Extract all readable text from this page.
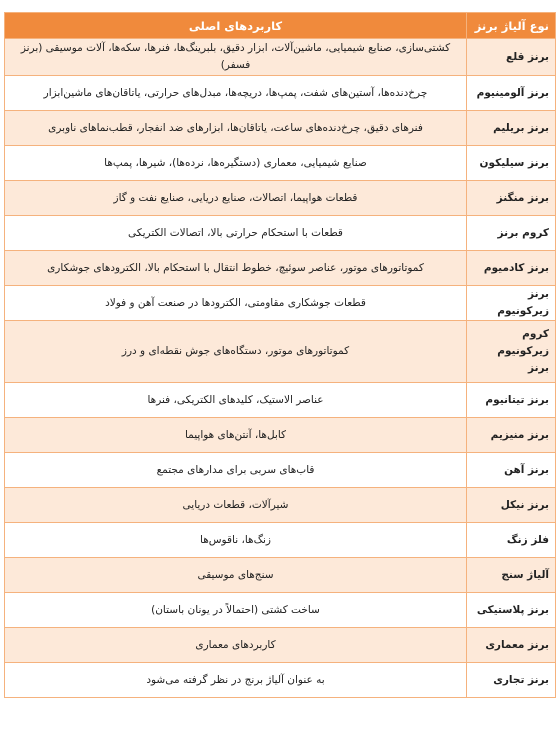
نوع آلیاژ برنز	کاربردهای اصلی
برنز قلع	کشتی‌سازی، صنایع شیمیایی، ماشین‌آلات، ابزار دقیق، بلبرینگ‌ها، فنرها، سکه‌ها، آلات موسیقی (برنز فسفر)
برنز آلومینیوم	چرخ‌دنده‌ها، آستین‌های شفت، پمپ‌ها، دریچه‌ها، مبدل‌های حرارتی، یاتاقان‌های ماشین‌ابزار
برنز بریلیم	فنرهای دقیق، چرخ‌دنده‌های ساعت، یاتاقان‌ها، ابزارهای ضد انفجار، قطب‌نماهای ناوبری
برنز سیلیکون	صنایع شیمیایی، معماری (دستگیره‌ها، نرده‌ها)، شیرها، پمپ‌ها
برنز منگنز	قطعات هواپیما، اتصالات، صنایع دریایی، صنایع نفت و گاز
کروم برنز	قطعات با استحکام حرارتی بالا، اتصالات الکتریکی
برنز کادمیوم	کموتاتورهای موتور، عناصر سوئیچ، خطوط انتقال با استحکام بالا، الکترودهای جوشکاری
برنز زیرکونیوم	قطعات جوشکاری مقاومتی، الکترودها در صنعت آهن و فولاد
کروم زیرکونیوم برنز	کموتاتورهای موتور، دستگاه‌های جوش نقطه‌ای و درز
برنز تیتانیوم	عناصر الاستیک، کلیدهای الکتریکی، فنرها
برنز منیزیم	کابل‌ها، آنتن‌های هواپیما
برنز آهن	قاب‌های سربی برای مدارهای مجتمع
برنز نیکل	شیرآلات، قطعات دریایی
فلز زنگ	زنگ‌ها، ناقوس‌ها
آلیاژ سنج	سنج‌های موسیقی
برنز پلاستیکی	ساخت کشتی (احتمالاً در یونان باستان)
برنز معماری	کاربردهای معماری
برنز تجاری	به عنوان آلیاژ برنج در نظر گرفته می‌شود
